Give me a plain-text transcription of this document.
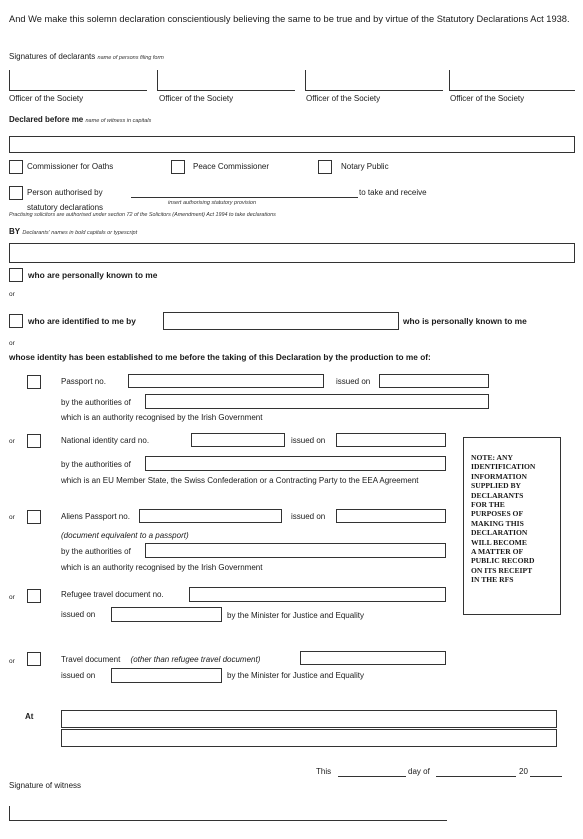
And We make this solemn declaration conscientiously believing the same to be true and by virtue of the Statutory Declarations Act 1938.
Signatures of declarants name of persons filing form
Officer of the Society	Officer of the Society	Officer of the Society	Officer of the Society
Declared before me name of witness in capitals
Commissioner for Oaths	Peace Commissioner	Notary Public
Person authorised by	to take and receive
insert authorising statutory provision
statutory declarations
Practising solicitors are authorised under section 72 of the Solicitors (Amendment) Act 1994 to take declarations
BY Declarants' names in bold capitals or typescript
who are personally known to me
or
who are identified to me by	who is personally known to me
or
whose identity has been established to me before the taking of this Declaration by the production to me of:
Passport no.	issued on
by the authorities of
which is an authority recognised by the Irish Government
or	National identity card no.	issued on
by the authorities of
which is an EU Member State, the Swiss Confederation or a Contracting Party to the EEA Agreement
or	Aliens Passport no.	issued on
(document equivalent to a passport)
by the authorities of
which is an authority recognised by the Irish Government
or	Refugee travel document no.
issued on	by the Minister for Justice and Equality
or	Travel document (other than refugee travel document)
issued on	by the Minister for Justice and Equality
NOTE: ANY
IDENTIFICATION
INFORMATION
SUPPLIED BY
DECLARANTS
FOR THE
PURPOSES OF
MAKING THIS
DECLARATION
WILL BECOME
A MATTER OF
PUBLIC RECORD
ON ITS RECEIPT
IN THE RFS
At
This	day of	20
Signature of witness
